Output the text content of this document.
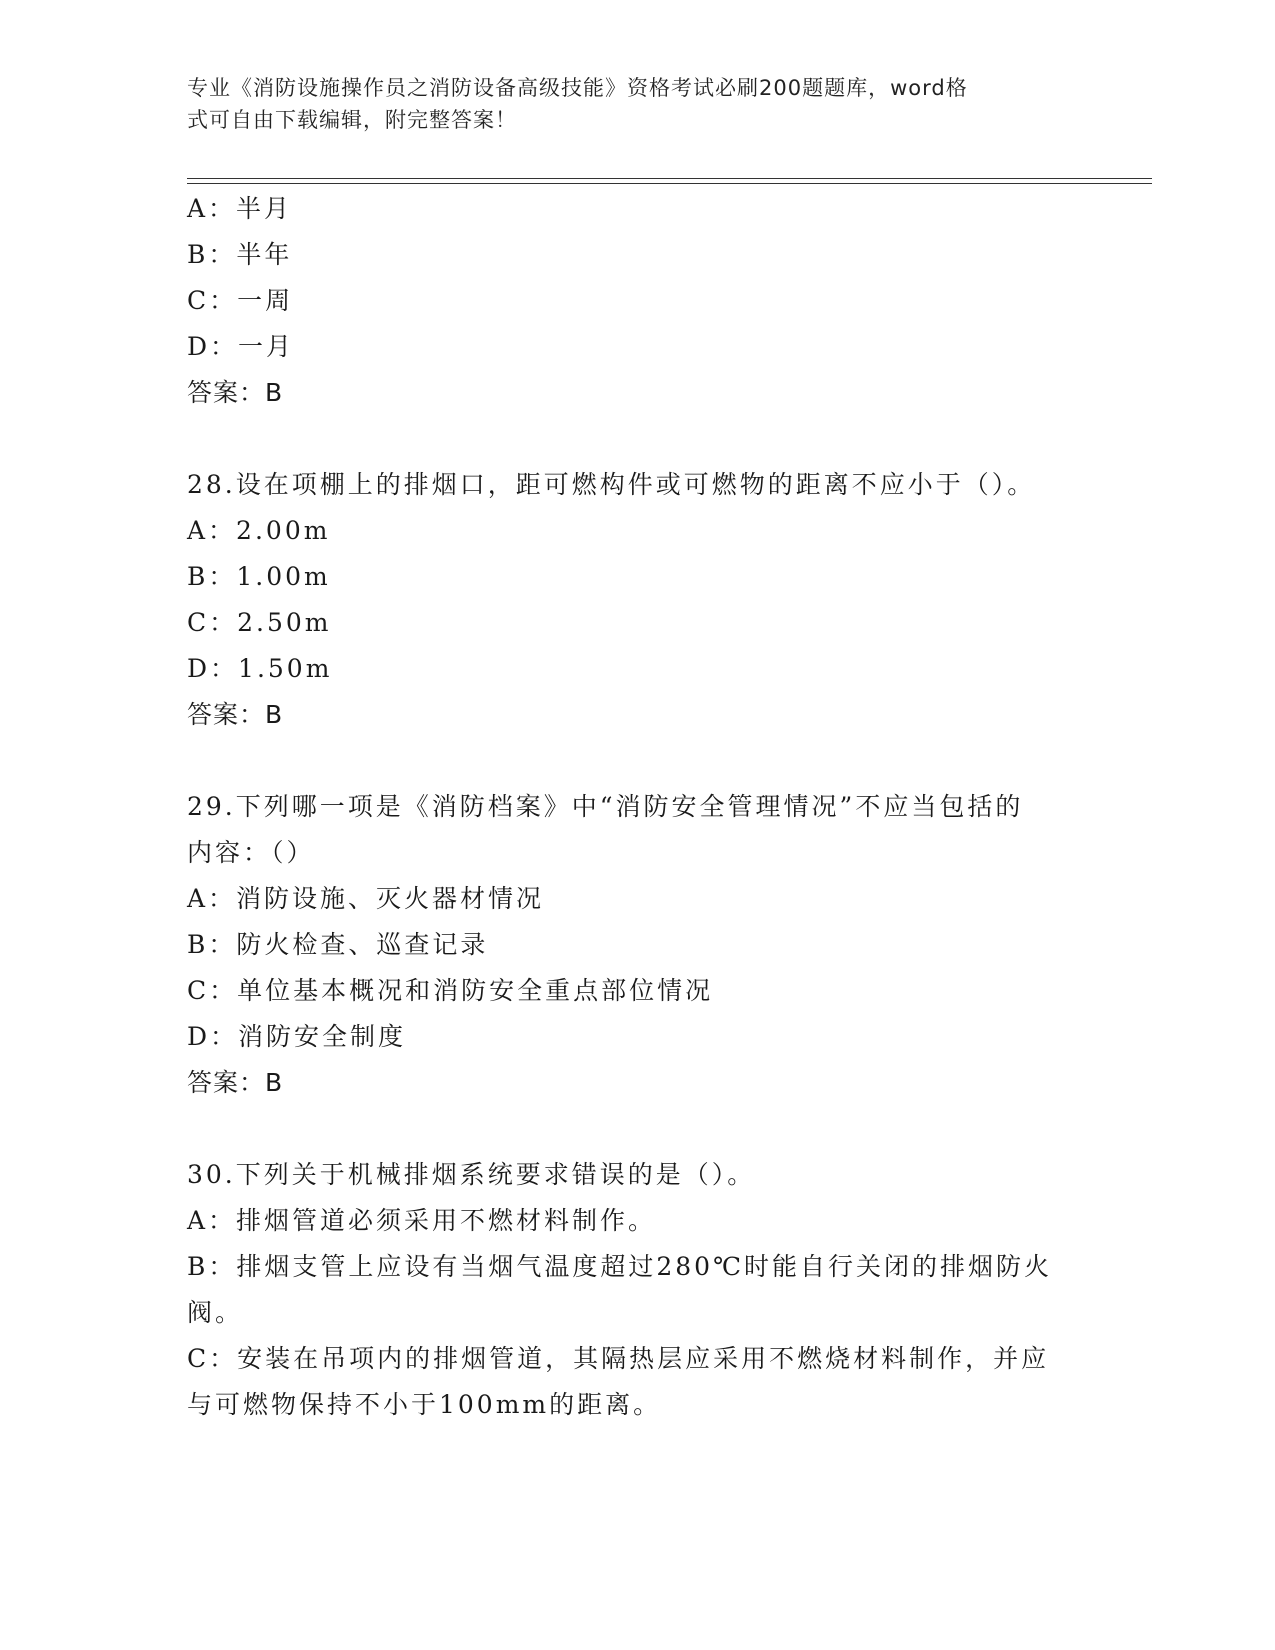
专业《消防设施操作员之消防设备高级技能》资格考试必刷200题题库，word格
式可自由下载编辑，附完整答案！
A：半月
B：半年
C：一周
D：一月
答案：B
28.设在项棚上的排烟口，距可燃构件或可燃物的距离不应小于（）。
A：2.00m
B：1.00m
C：2.50m
D：1.50m
答案：B
29.下列哪一项是《消防档案》中“消防安全管理情况”不应当包括的
内容：（）
A：消防设施、灭火器材情况
B：防火检查、巡查记录
C：单位基本概况和消防安全重点部位情况
D：消防安全制度
答案：B
30.下列关于机械排烟系统要求错误的是（）。
A：排烟管道必须采用不燃材料制作。
B：排烟支管上应设有当烟气温度超过280℃时能自行关闭的排烟防火
阀。
C：安装在吊项内的排烟管道，其隔热层应采用不燃烧材料制作，并应
与可燃物保持不小于100mm的距离。
